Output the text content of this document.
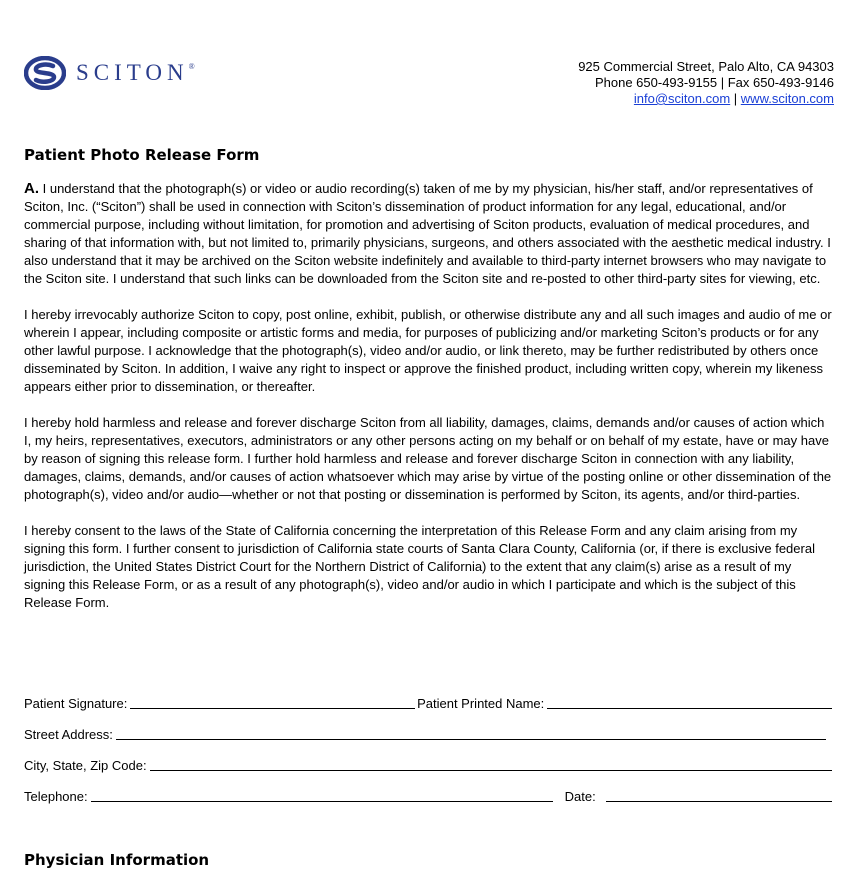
SCITON®	925 Commercial Street, Palo Alto, CA 94303
Phone 650-493-9155 | Fax 650-493-9146
info@sciton.com | www.sciton.com
Patient Photo Release Form

A. I understand that the photograph(s) or video or audio recording(s) taken of me by my physician, his/her staff, and/or representatives of Sciton, Inc. (“Sciton”) shall be used in connection with Sciton’s dissemination of product information for any legal, educational, and/or commercial purpose, including without limitation, for promotion and advertising of Sciton products, evaluation of medical procedures, and sharing of that information with, but not limited to, primarily physicians, surgeons, and others associated with the aesthetic medical industry. I also understand that it may be archived on the Sciton website indefinitely and available to third-party internet browsers who may navigate to the Sciton site. I understand that such links can be downloaded from the Sciton site and re-posted to other third-party sites for viewing, etc.

I hereby irrevocably authorize Sciton to copy, post online, exhibit, publish, or otherwise distribute any and all such images and audio of me or wherein I appear, including composite or artistic forms and media, for purposes of publicizing and/or marketing Sciton’s products or for any other lawful purpose. I acknowledge that the photograph(s), video and/or audio, or link thereto, may be further redistributed by others once disseminated by Sciton. In addition, I waive any right to inspect or approve the finished product, including written copy, wherein my likeness appears either prior to dissemination, or thereafter.

I hereby hold harmless and release and forever discharge Sciton from all liability, damages, claims, demands and/or causes of action which I, my heirs, representatives, executors, administrators or any other persons acting on my behalf or on behalf of my estate, have or may have by reason of signing this release form. I further hold harmless and release and forever discharge Sciton in connection with any liability, damages, claims, demands, and/or causes of action whatsoever which may arise by virtue of the posting online or other dissemination of the photograph(s), video and/or audio—whether or not that posting or dissemination is performed by Sciton, its agents, and/or third-parties.

I hereby consent to the laws of the State of California concerning the interpretation of this Release Form and any claim arising from my signing this form. I further consent to jurisdiction of California state courts of Santa Clara County, California (or, if there is exclusive federal jurisdiction, the United States District Court for the Northern District of California) to the extent that any claim(s) arise as a result of my signing this Release Form, or as a result of any photograph(s), video and/or audio in which I participate and which is the subject of this Release Form.

Patient Signature:	Patient Printed Name:
Street Address:
City, State, Zip Code:
Telephone:	Date:
Physician Information
